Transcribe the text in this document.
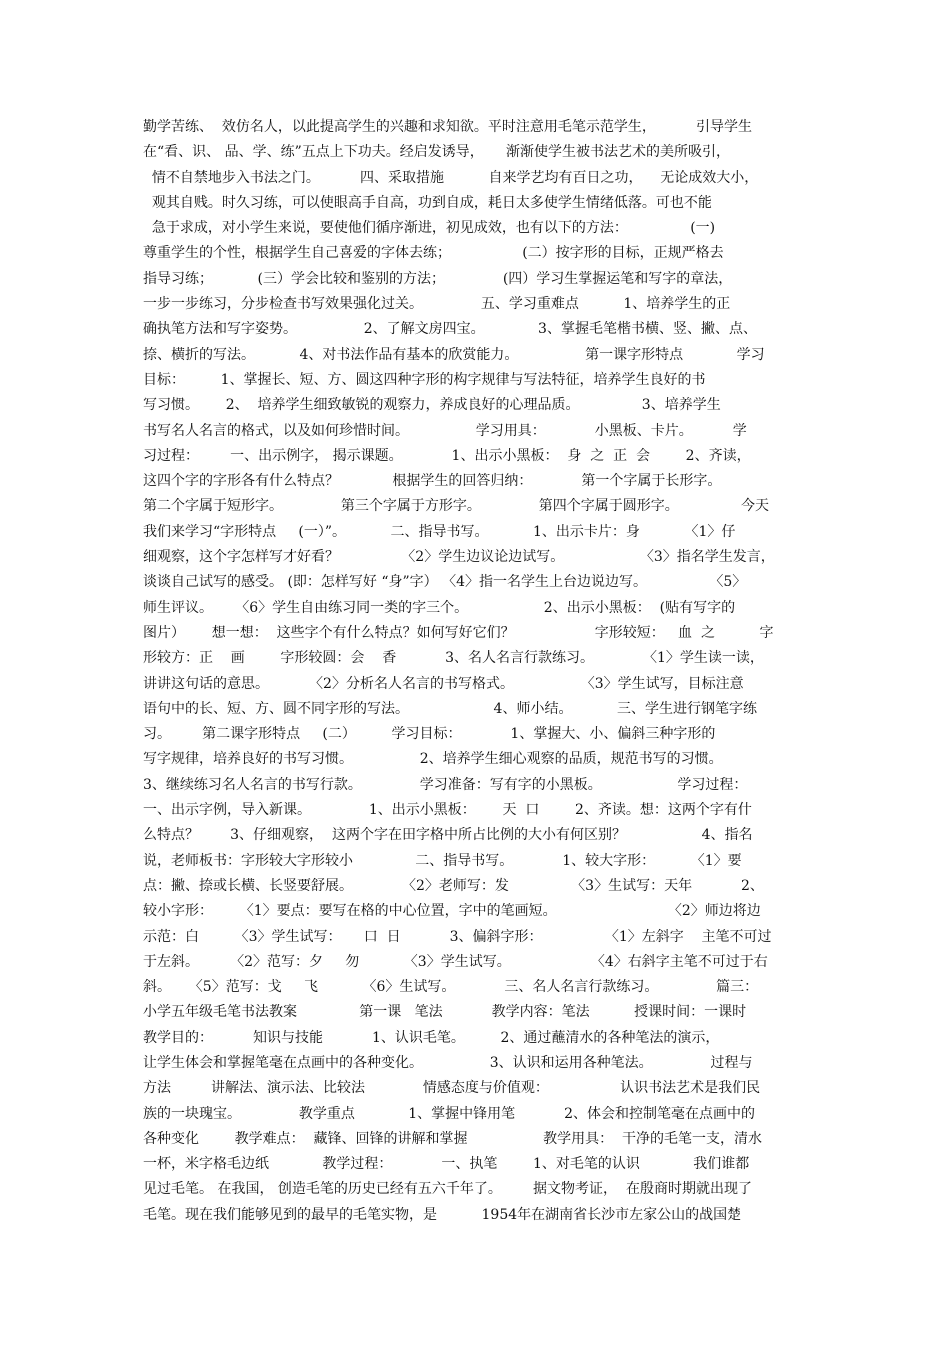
勤学苦练、  效仿名人，以此提高学生的兴趣和求知欲。平时注意用毛笔示范学生，         引导学生
在“看、识、 品、学、练”五点上下功夫。经启发诱导，     渐渐使学生被书法艺术的美所吸引，
情不自禁地步入书法之门。         四、采取措施          自来学艺均有百日之功，    无论成效大小，
观其自贱。时久习练，可以使眼高手自高，功到自成，耗日太多使学生情绪低落。可也不能
急于求成，对小学生来说，要使他们循序渐进，初见成效，也有以下的方法：              (一)
尊重学生的个性，根据学生自己喜爱的字体去练；                (二）按字形的目标，正规严格去
指导习练；          (三）学会比较和鉴别的方法；             (四）学习生掌握运笔和写字的章法，
一步一步练习，分步检查书写效果强化过关。             五、学习重难点          1、培养学生的正
确执笔方法和写字姿势。               2、了解文房四宝。            3、掌握毛笔楷书横、竖、撇、点、
捺、横折的写法。          4、对书法作品有基本的欣赏能力。               第一课字形特点            学习
目标：        1、掌握长、短、方、圆这四种字形的构字规律与写法特征，培养学生良好的书
写习惯。      2、  培养学生细致敏锐的观察力，养成良好的心理品质。              3、培养学生
书写名人名言的格式，以及如何珍惜时间。               学习用具：           小黑板、卡片。         学
习过程：       一、出示例字， 揭示课题。           1、出示小黑板：  身  之  正  会        2、齐读，
这四个字的字形各有什么特点？            根据学生的回答归纳：           第一个字属于长形字。
第二个字属于短形字。             第三个字属于方形字。             第四个字属于圆形字。              今天
我们来学习“字形特点     (一）”。          二、指导书写。          1、出示卡片：身          〈1〉仔
细观察，这个字怎样写才好看？              〈2〉学生边议论边试写。                 〈3〉指名学生发言，
谈谈自己试写的感受。 (即：怎样写好 “身”字） 〈4〉指一名学生上台边说边写。              〈5〉
师生评议。     〈6〉学生自由练习同一类的字三个。                 2、出示小黑板：  (贴有写字的
图片）      想一想：  这些字个有什么特点？如何写好它们？                  字形较短：   血  之          字
形较方：正    画        字形较圆：会    香           3、名人名言行款练习。           〈1〉学生读一读，
讲讲这句话的意思。         〈2〉分析名人名言的书写格式。               〈3〉学生试写，目标注意
语句中的长、短、方、圆不同字形的写法。                   4、师小结。          三、学生进行钢笔字练
习。       第二课字形特点     (二）        学习目标：           1、掌握大、小、偏斜三种字形的
写字规律，培养良好的书写习惯。               2、培养学生细心观察的品质，规范书写的习惯。
3、继续练习名人名言的书写行款。             学习准备：写有字的小黑板。                 学习过程：
一、出示字例，导入新课。             1、出示小黑板：      天  口        2、齐读。想：这两个字有什
么特点？       3、仔细观察，  这两个字在田字格中所占比例的大小有何区别？                 4、指名
说，老师板书：字形较大字形较小              二、指导书写。           1、较大字形：        〈1〉要
点：撇、捺或长横、长竖要舒展。           〈2〉老师写：发              〈3〉生试写：天年           2、
较小字形：      〈1〉要点：要写在格的中心位置，字中的笔画短。                         〈2〉师边将边
示范：白        〈3〉学生试写：     口  日           3、偏斜字形：              〈1〉左斜字    主笔不可过
于左斜。       〈2〉范写：夕     勿          〈3〉学生试写。                  〈4〉右斜字主笔不可过于右
斜。    〈5〉范写：戈     飞          〈6〉生试写。           三、名人名言行款练习。             篇三：
小学五年级毛笔书法教案              第一课   笔法           教学内容：笔法          授课时间：一课时
教学目的：         知识与技能           1、认识毛笔。        2、通过蘸清水的各种笔法的演示，
让学生体会和掌握笔毫在点画中的各种变化。               3、认识和运用各种笔法。             过程与
方法         讲解法、演示法、比较法             情感态度与价值观：                认识书法艺术是我们民
族的一块瑰宝。             教学重点            1、掌握中锋用笔           2、体会和控制笔毫在点画中的
各种变化        教学难点：  藏锋、回锋的讲解和掌握                 教学用具：  干净的毛笔一支，清水
一杯，米字格毛边纸            教学过程：           一、执笔        1、对毛笔的认识            我们谁都
见过毛笔。 在我国， 创造毛笔的历史已经有五六千年了。       据文物考证，  在殷商时期就出现了
毛笔。现在我们能够见到的最早的毛笔实物，是          1954年在湖南省长沙市左家公山的战国楚
